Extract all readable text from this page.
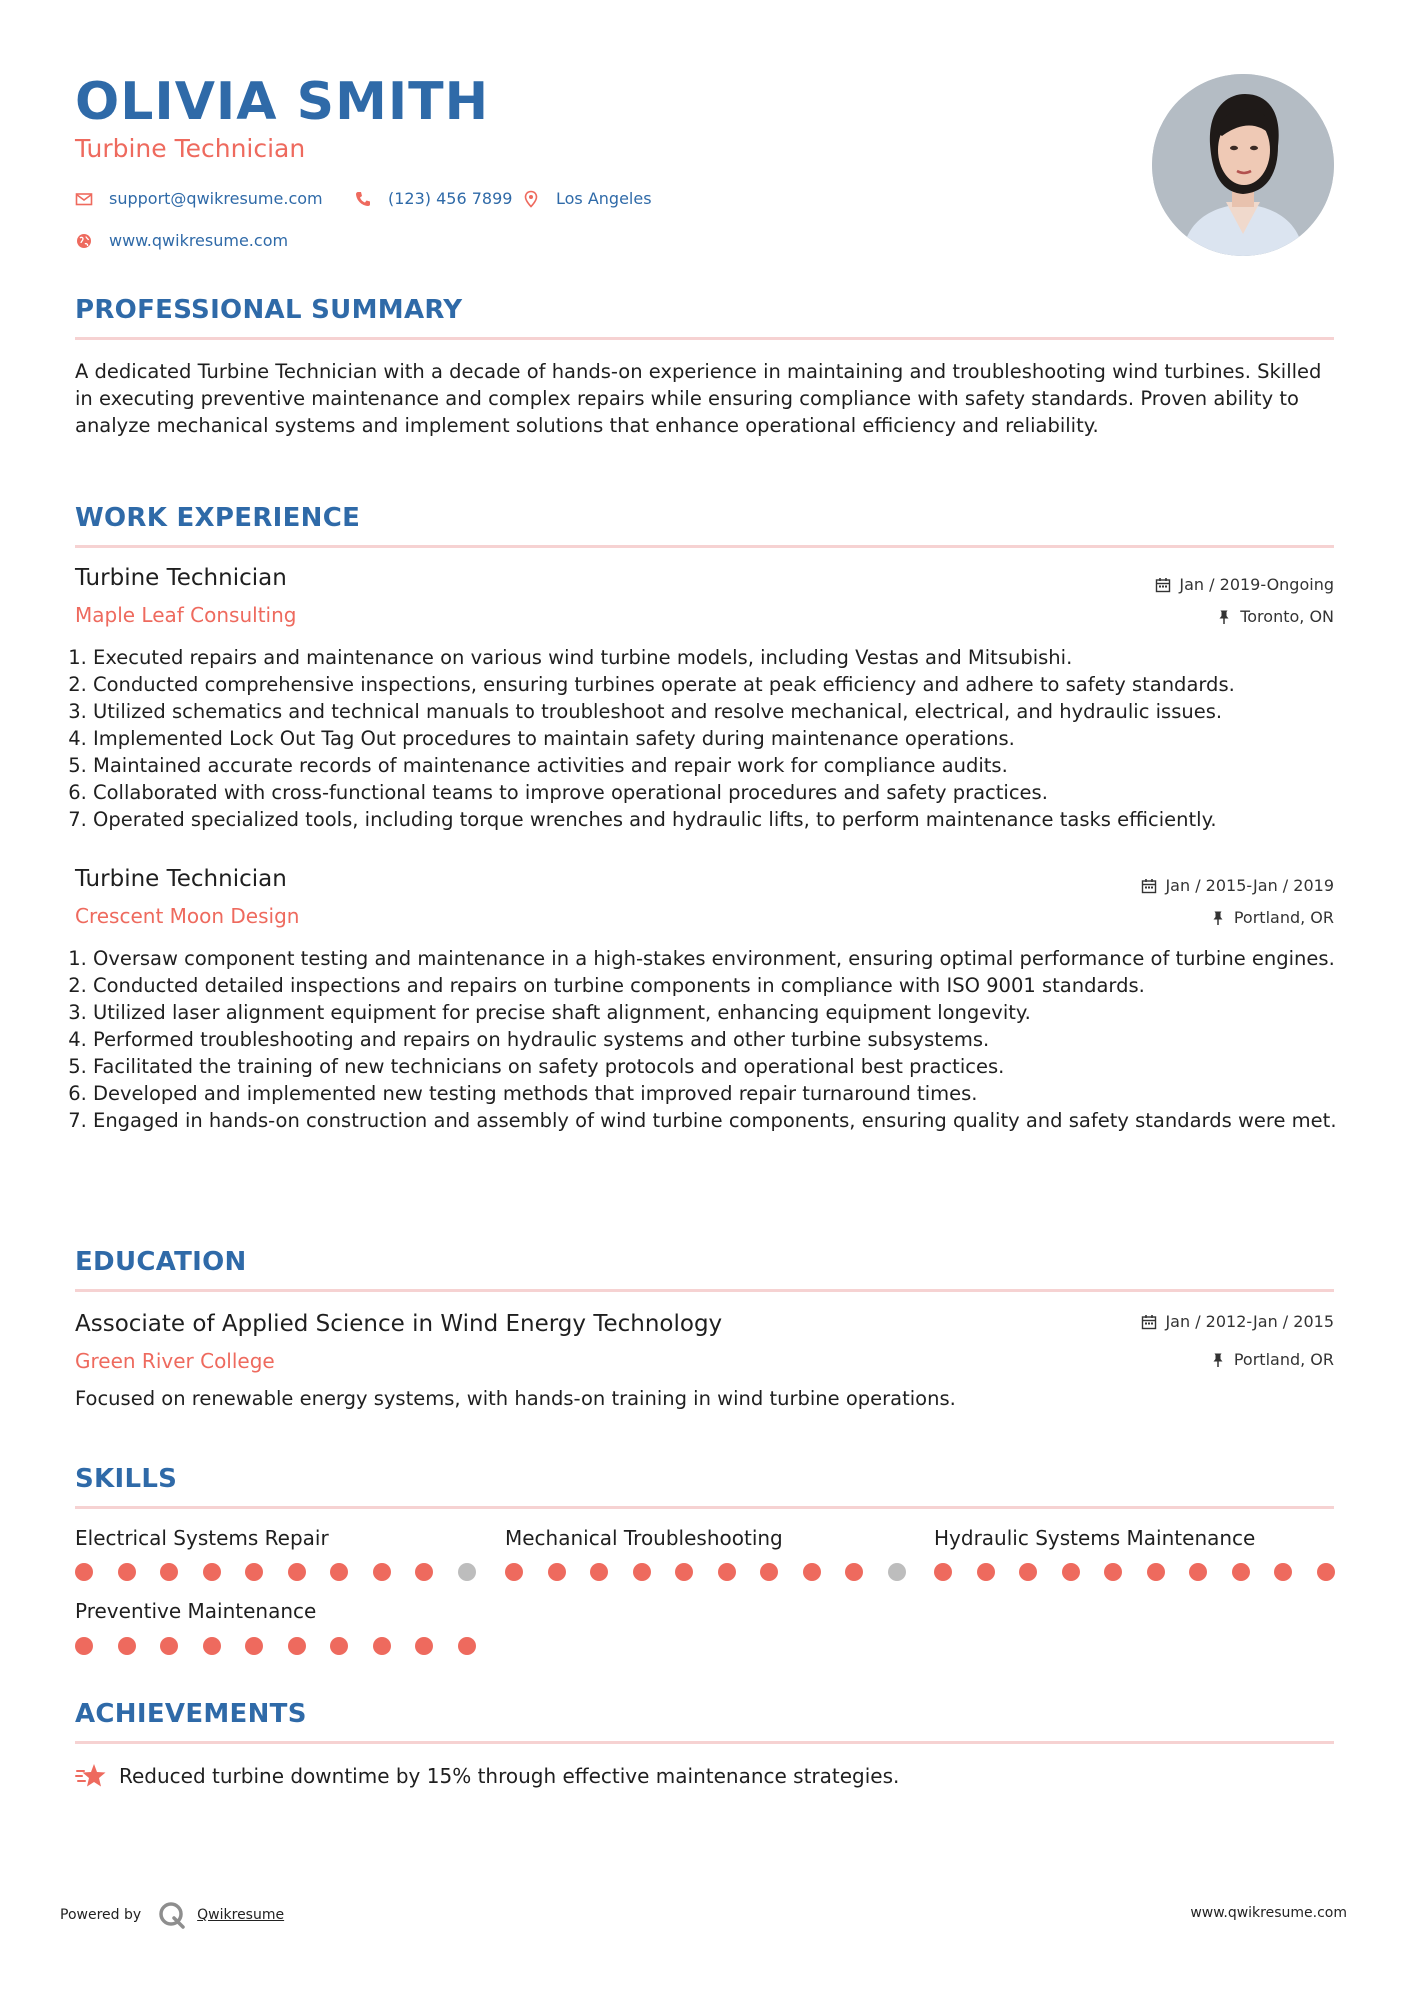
OLIVIA SMITH
Turbine Technician
support@qwikresume.com	(123) 456 7899	Los Angeles
www.qwikresume.com
PROFESSIONAL SUMMARY
A dedicated Turbine Technician with a decade of hands-on experience in maintaining and troubleshooting wind turbines. Skilled in executing preventive maintenance and complex repairs while ensuring compliance with safety standards. Proven ability to analyze mechanical systems and implement solutions that enhance operational efficiency and reliability.
WORK EXPERIENCE
Turbine Technician
Maple Leaf Consulting
Jan / 2019-Ongoing
Toronto, ON
1. Executed repairs and maintenance on various wind turbine models, including Vestas and Mitsubishi.
2. Conducted comprehensive inspections, ensuring turbines operate at peak efficiency and adhere to safety standards.
3. Utilized schematics and technical manuals to troubleshoot and resolve mechanical, electrical, and hydraulic issues.
4. Implemented Lock Out Tag Out procedures to maintain safety during maintenance operations.
5. Maintained accurate records of maintenance activities and repair work for compliance audits.
6. Collaborated with cross-functional teams to improve operational procedures and safety practices.
7. Operated specialized tools, including torque wrenches and hydraulic lifts, to perform maintenance tasks efficiently.
Turbine Technician
Crescent Moon Design
Jan / 2015-Jan / 2019
Portland, OR
1. Oversaw component testing and maintenance in a high-stakes environment, ensuring optimal performance of turbine engines.
2. Conducted detailed inspections and repairs on turbine components in compliance with ISO 9001 standards.
3. Utilized laser alignment equipment for precise shaft alignment, enhancing equipment longevity.
4. Performed troubleshooting and repairs on hydraulic systems and other turbine subsystems.
5. Facilitated the training of new technicians on safety protocols and operational best practices.
6. Developed and implemented new testing methods that improved repair turnaround times.
7. Engaged in hands-on construction and assembly of wind turbine components, ensuring quality and safety standards were met.
EDUCATION
Associate of Applied Science in Wind Energy Technology
Green River College
Jan / 2012-Jan / 2015
Portland, OR
Focused on renewable energy systems, with hands-on training in wind turbine operations.
SKILLS
Electrical Systems Repair	Mechanical Troubleshooting	Hydraulic Systems Maintenance
Preventive Maintenance
ACHIEVEMENTS
Reduced turbine downtime by 15% through effective maintenance strategies.
Powered by	Qwikresume	www.qwikresume.com
